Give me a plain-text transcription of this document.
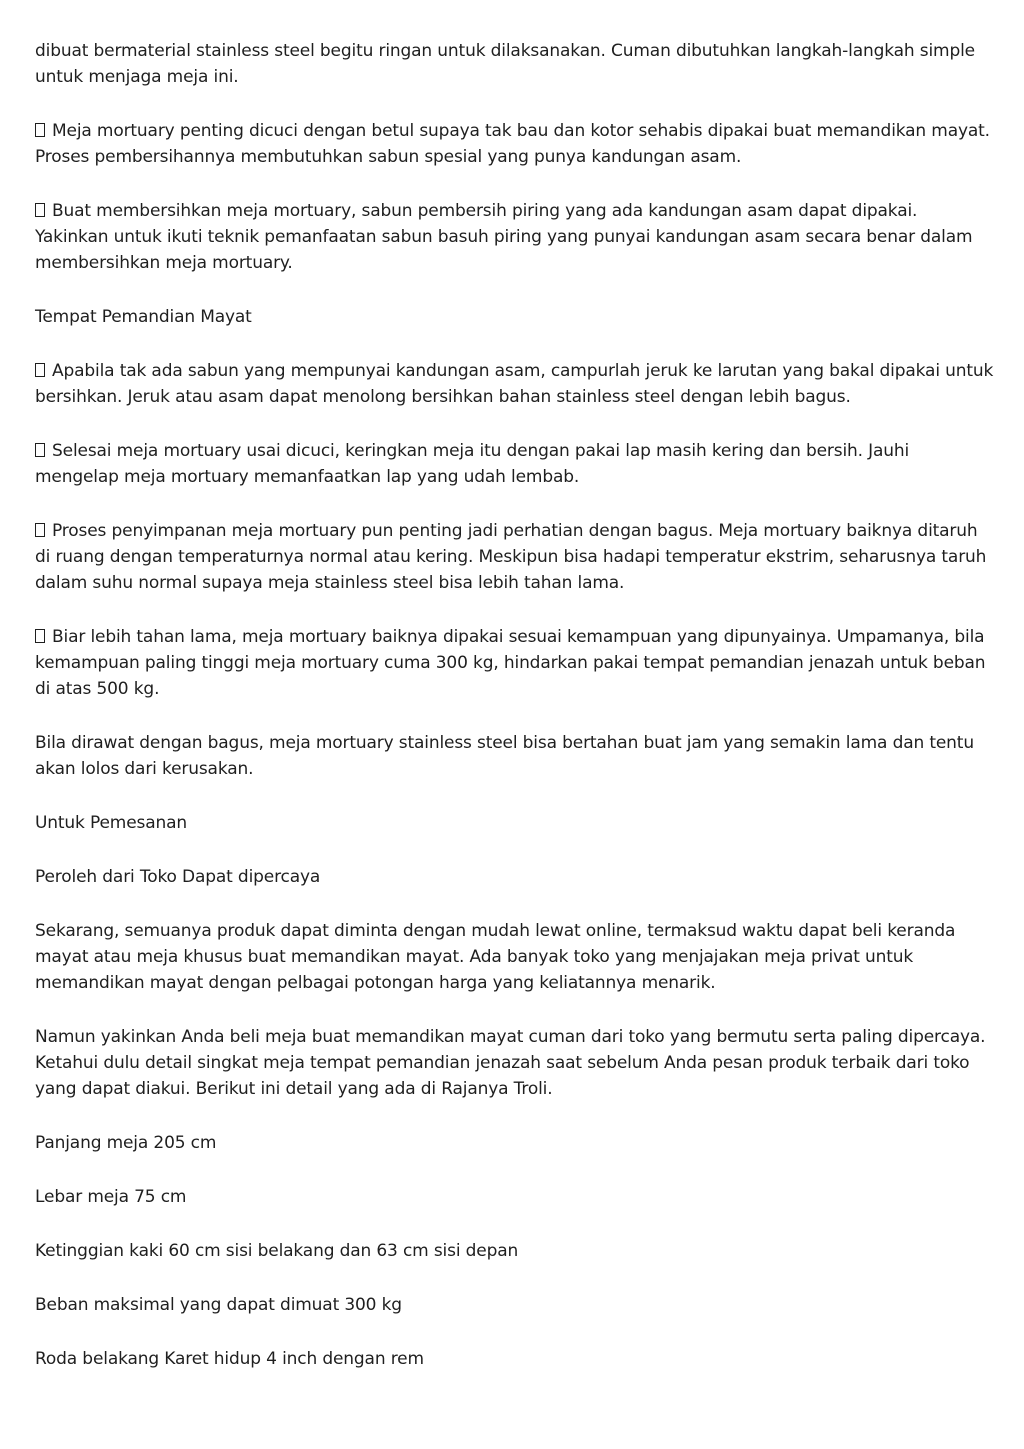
dibuat bermaterial stainless steel begitu ringan untuk dilaksanakan. Cuman dibutuhkan langkah-langkah simple untuk menjaga meja ini.

Meja mortuary penting dicuci dengan betul supaya tak bau dan kotor sehabis dipakai buat memandikan mayat. Proses pembersihannya membutuhkan sabun spesial yang punya kandungan asam.

Buat membersihkan meja mortuary, sabun pembersih piring yang ada kandungan asam dapat dipakai. Yakinkan untuk ikuti teknik pemanfaatan sabun basuh piring yang punyai kandungan asam secara benar dalam membersihkan meja mortuary.

Tempat Pemandian Mayat

Apabila tak ada sabun yang mempunyai kandungan asam, campurlah jeruk ke larutan yang bakal dipakai untuk bersihkan. Jeruk atau asam dapat menolong bersihkan bahan stainless steel dengan lebih bagus.

Selesai meja mortuary usai dicuci, keringkan meja itu dengan pakai lap masih kering dan bersih. Jauhi mengelap meja mortuary memanfaatkan lap yang udah lembab.

Proses penyimpanan meja mortuary pun penting jadi perhatian dengan bagus. Meja mortuary baiknya ditaruh di ruang dengan temperaturnya normal atau kering. Meskipun bisa hadapi temperatur ekstrim, seharusnya taruh dalam suhu normal supaya meja stainless steel bisa lebih tahan lama.

Biar lebih tahan lama, meja mortuary baiknya dipakai sesuai kemampuan yang dipunyainya. Umpamanya, bila kemampuan paling tinggi meja mortuary cuma 300 kg, hindarkan pakai tempat pemandian jenazah untuk beban di atas 500 kg.

Bila dirawat dengan bagus, meja mortuary stainless steel bisa bertahan buat jam yang semakin lama dan tentu akan lolos dari kerusakan.

Untuk Pemesanan

Peroleh dari Toko Dapat dipercaya

Sekarang, semuanya produk dapat diminta dengan mudah lewat online, termaksud waktu dapat beli keranda mayat atau meja khusus buat memandikan mayat. Ada banyak toko yang menjajakan meja privat untuk memandikan mayat dengan pelbagai potongan harga yang keliatannya menarik.

Namun yakinkan Anda beli meja buat memandikan mayat cuman dari toko yang bermutu serta paling dipercaya. Ketahui dulu detail singkat meja tempat pemandian jenazah saat sebelum Anda pesan produk terbaik dari toko yang dapat diakui. Berikut ini detail yang ada di Rajanya Troli.

Panjang meja 205 cm

Lebar meja 75 cm

Ketinggian kaki 60 cm sisi belakang dan 63 cm sisi depan

Beban maksimal yang dapat dimuat 300 kg

Roda belakang Karet hidup 4 inch dengan rem
